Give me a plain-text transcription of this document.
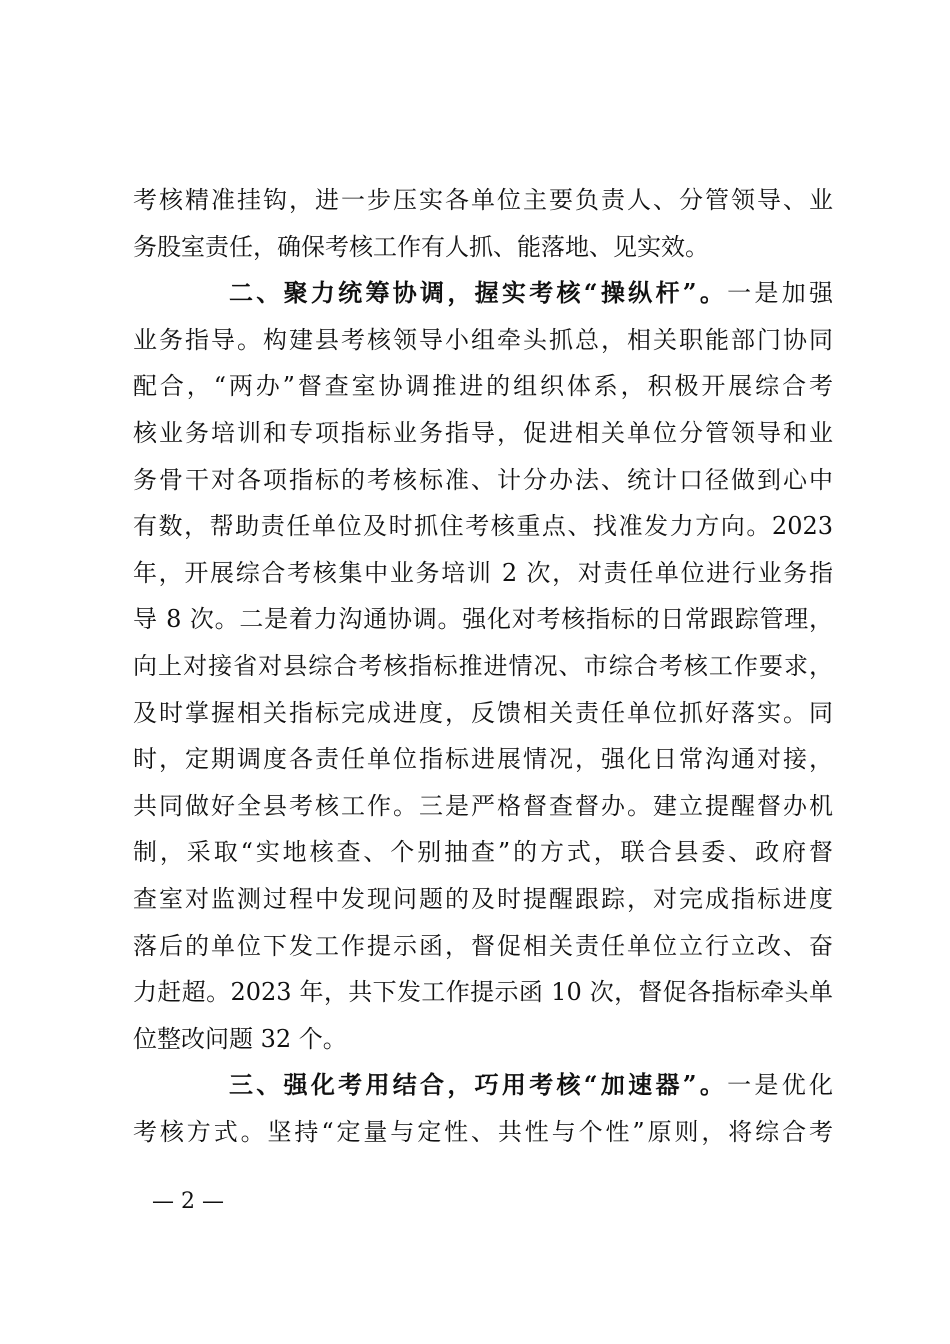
考核精准挂钩，进一步压实各单位主要负责人、分管领导、业
务股室责任，确保考核工作有人抓、能落地、见实效。
二、聚力统筹协调，握实考核“操纵杆”。一是加强
业务指导。构建县考核领导小组牵头抓总，相关职能部门协同
配合，“两办”督查室协调推进的组织体系，积极开展综合考
核业务培训和专项指标业务指导，促进相关单位分管领导和业
务骨干对各项指标的考核标准、计分办法、统计口径做到心中
有数，帮助责任单位及时抓住考核重点、找准发力方向。2023
年，开展综合考核集中业务培训 2 次，对责任单位进行业务指
导 8 次。二是着力沟通协调。强化对考核指标的日常跟踪管理，
向上对接省对县综合考核指标推进情况、市综合考核工作要求，
及时掌握相关指标完成进度，反馈相关责任单位抓好落实。同
时，定期调度各责任单位指标进展情况，强化日常沟通对接，
共同做好全县考核工作。三是严格督查督办。建立提醒督办机
制，采取“实地核查、个别抽查”的方式，联合县委、政府督
查室对监测过程中发现问题的及时提醒跟踪，对完成指标进度
落后的单位下发工作提示函，督促相关责任单位立行立改、奋
力赶超。2023 年，共下发工作提示函 10 次，督促各指标牵头单
位整改问题 32 个。
三、强化考用结合，巧用考核“加速器”。一是优化
考核方式。坚持“定量与定性、共性与个性”原则，将综合考
— 2 —
